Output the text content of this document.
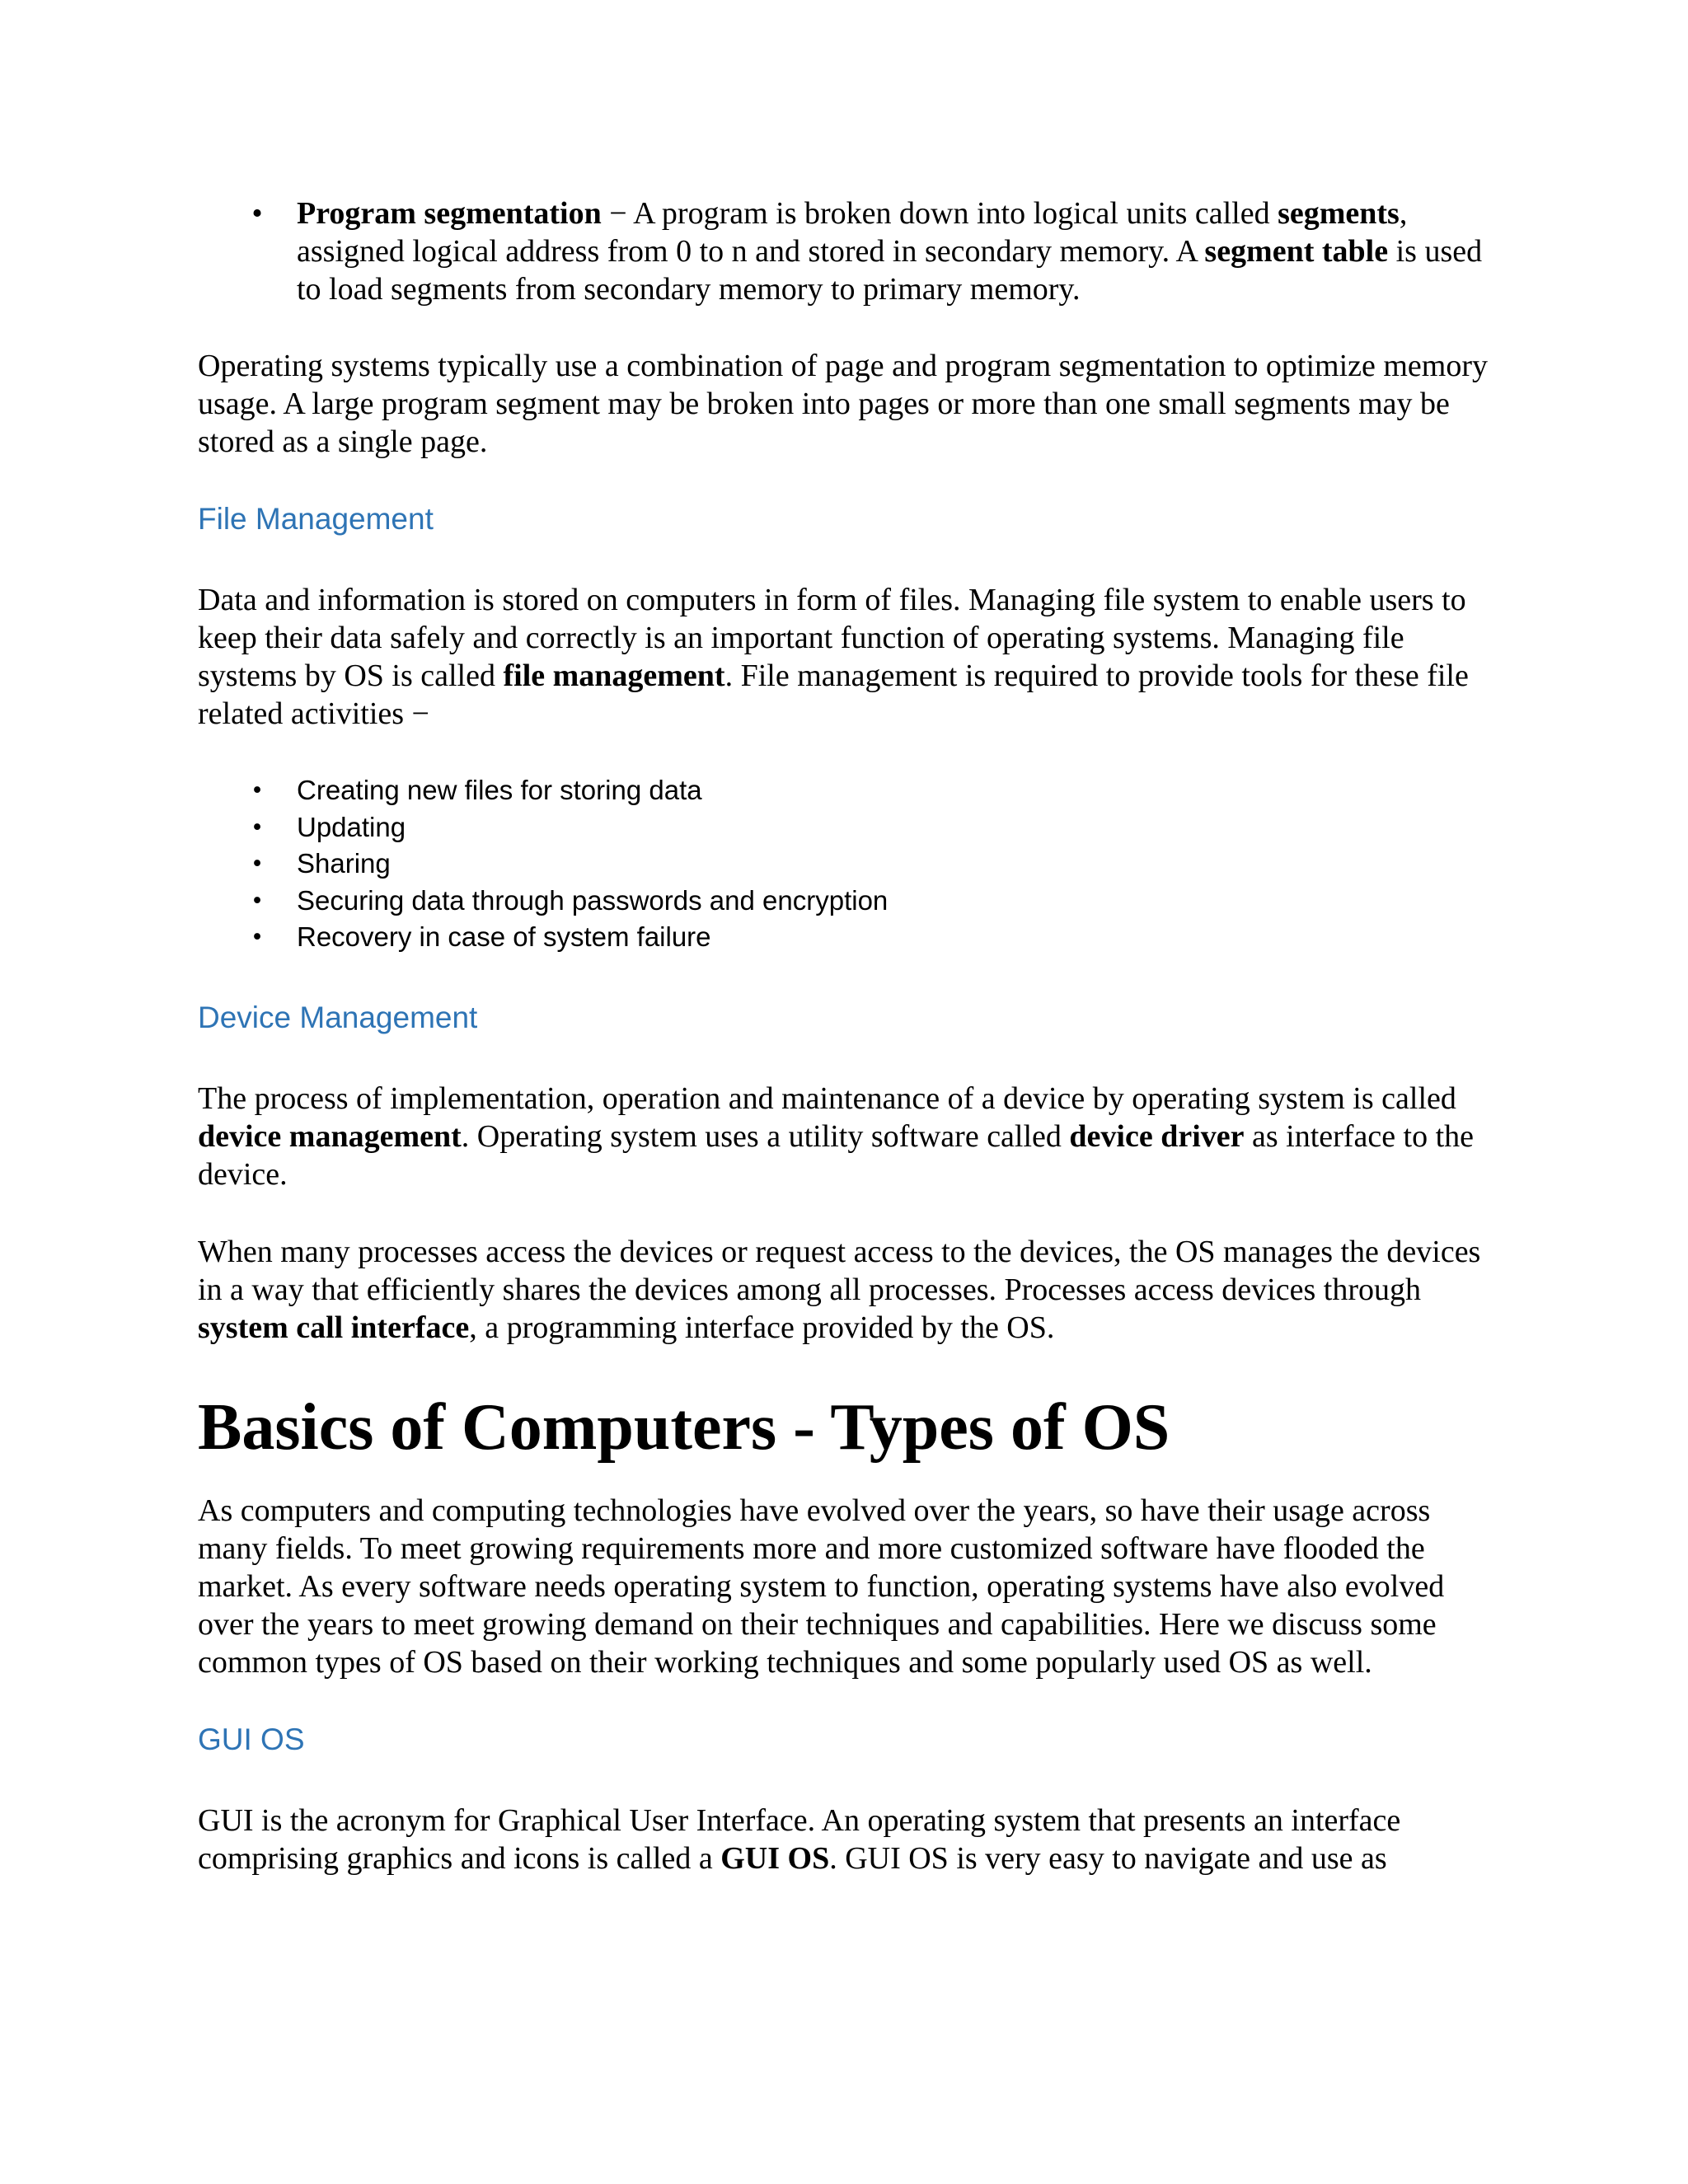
• Program segmentation − A program is broken down into logical units called segments, assigned logical address from 0 to n and stored in secondary memory. A segment table is used to load segments from secondary memory to primary memory.

Operating systems typically use a combination of page and program segmentation to optimize memory usage. A large program segment may be broken into pages or more than one small segments may be stored as a single page.

File Management

Data and information is stored on computers in form of files. Managing file system to enable users to keep their data safely and correctly is an important function of operating systems. Managing file systems by OS is called file management. File management is required to provide tools for these file related activities −

• Creating new files for storing data
• Updating
• Sharing
• Securing data through passwords and encryption
• Recovery in case of system failure
Device Management

The process of implementation, operation and maintenance of a device by operating system is called device management. Operating system uses a utility software called device driver as interface to the device.

When many processes access the devices or request access to the devices, the OS manages the devices in a way that efficiently shares the devices among all processes. Processes access devices through system call interface, a programming interface provided by the OS.

Basics of Computers - Types of OS

As computers and computing technologies have evolved over the years, so have their usage across many fields. To meet growing requirements more and more customized software have flooded the market. As every software needs operating system to function, operating systems have also evolved over the years to meet growing demand on their techniques and capabilities. Here we discuss some common types of OS based on their working techniques and some popularly used OS as well.

GUI OS

GUI is the acronym for Graphical User Interface. An operating system that presents an interface comprising graphics and icons is called a GUI OS. GUI OS is very easy to navigate and use as
